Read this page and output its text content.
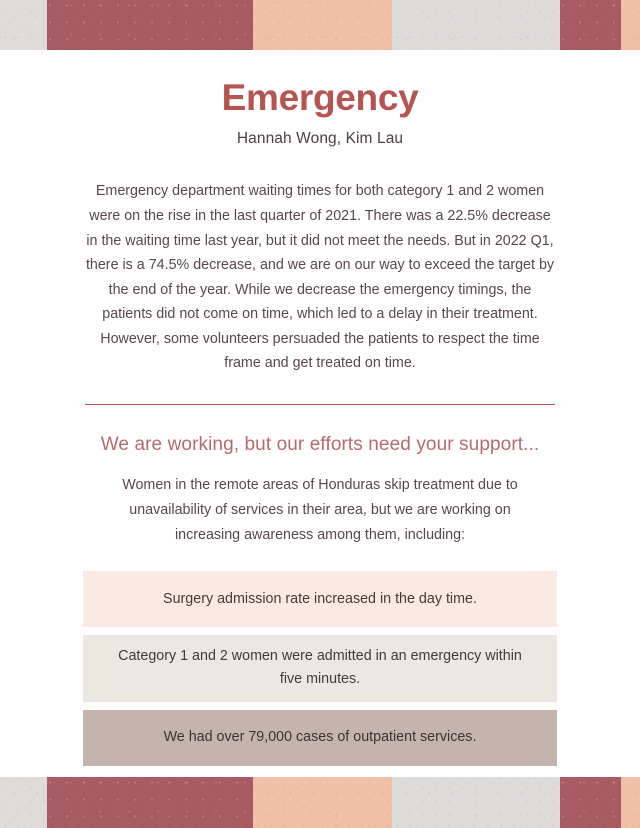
Emergency

Hannah Wong, Kim Lau

Emergency department waiting times for both category 1 and 2 women were on the rise in the last quarter of 2021. There was a 22.5% decrease in the waiting time last year, but it did not meet the needs. But in 2022 Q1, there is a 74.5% decrease, and we are on our way to exceed the target by the end of the year. While we decrease the emergency timings, the patients did not come on time, which led to a delay in their treatment. However, some volunteers persuaded the patients to respect the time frame and get treated on time.

We are working, but our efforts need your support...

Women in the remote areas of Honduras skip treatment due to unavailability of services in their area, but we are working on increasing awareness among them, including:

Surgery admission rate increased in the day time.
Category 1 and 2 women were admitted in an emergency within five minutes.
We had over 79,000 cases of outpatient services.
